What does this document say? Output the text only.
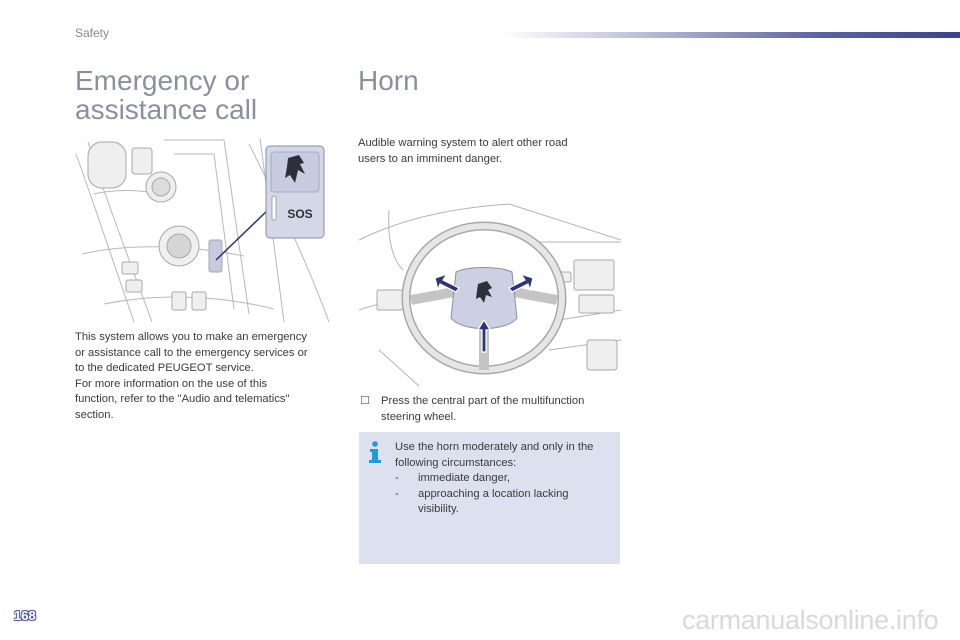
Safety
Emergency or
assistance call
Horn
SOS
This system allows you to make an emergency
or assistance call to the emergency services or
to the dedicated PEUGEOT service.
For more information on the use of this
function, refer to the "Audio and telematics"
section.
Audible warning system to alert other road
users to an imminent danger.
☐ Press the central part of the multifunction
steering wheel.
Use the horn moderately and only in the
following circumstances:
- immediate danger,
- approaching a location lacking
visibility.
168	carmanualsonline.info
